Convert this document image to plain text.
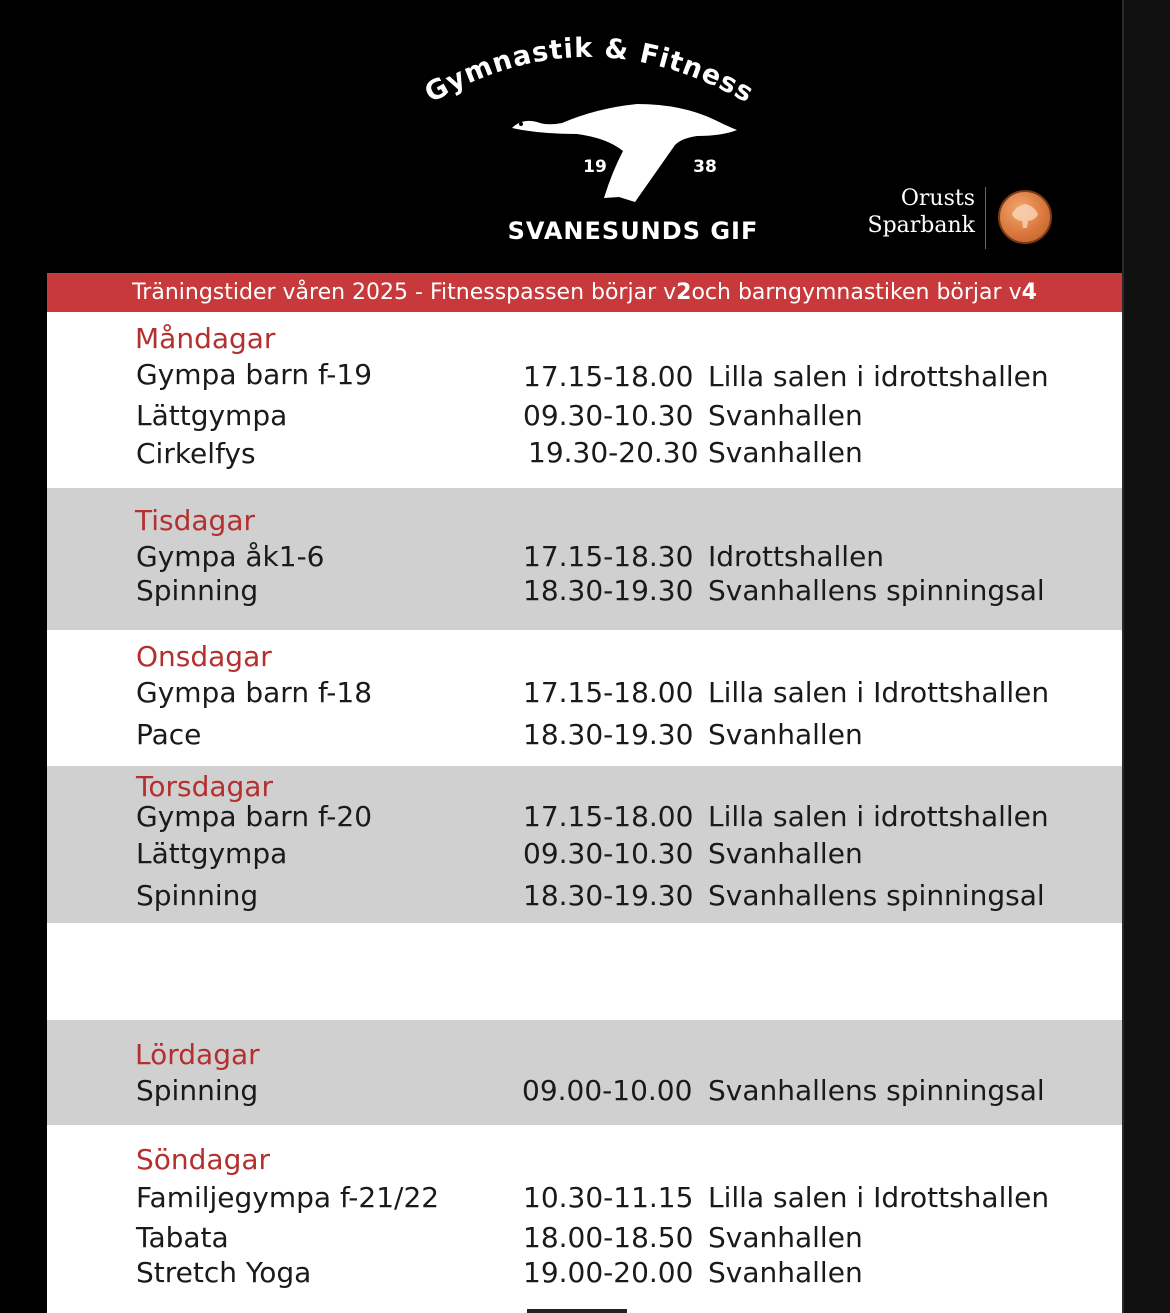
Gymnastik & Fitness
19	38
SVANESUNDS GIF
Orusts
Sparbank
Träningstider våren 2025 - Fitnesspassen börjar v 2 och barngymnastiken börjar v 4
Måndagar
Gympa barn f-19	17.15-18.00 Lilla salen i idrottshallen
Lättgympa	09.30-10.30 Svanhallen
Cirkelfys	19.30-20.30 Svanhallen
Tisdagar
Gympa åk1-6	17.15-18.30 Idrottshallen
Spinning	18.30-19.30 Svanhallens spinningsal
Onsdagar
Gympa barn f-18	17.15-18.00 Lilla salen i Idrottshallen
Pace	18.30-19.30 Svanhallen
Torsdagar
Gympa barn f-20	17.15-18.00 Lilla salen i idrottshallen
Lättgympa	09.30-10.30 Svanhallen
Spinning	18.30-19.30 Svanhallens spinningsal
Lördagar
Spinning	09.00-10.00 Svanhallens spinningsal
Söndagar
Familjegympa f-21/22	10.30-11.15 Lilla salen i Idrottshallen
Tabata	18.00-18.50 Svanhallen
Stretch Yoga	19.00-20.00 Svanhallen
